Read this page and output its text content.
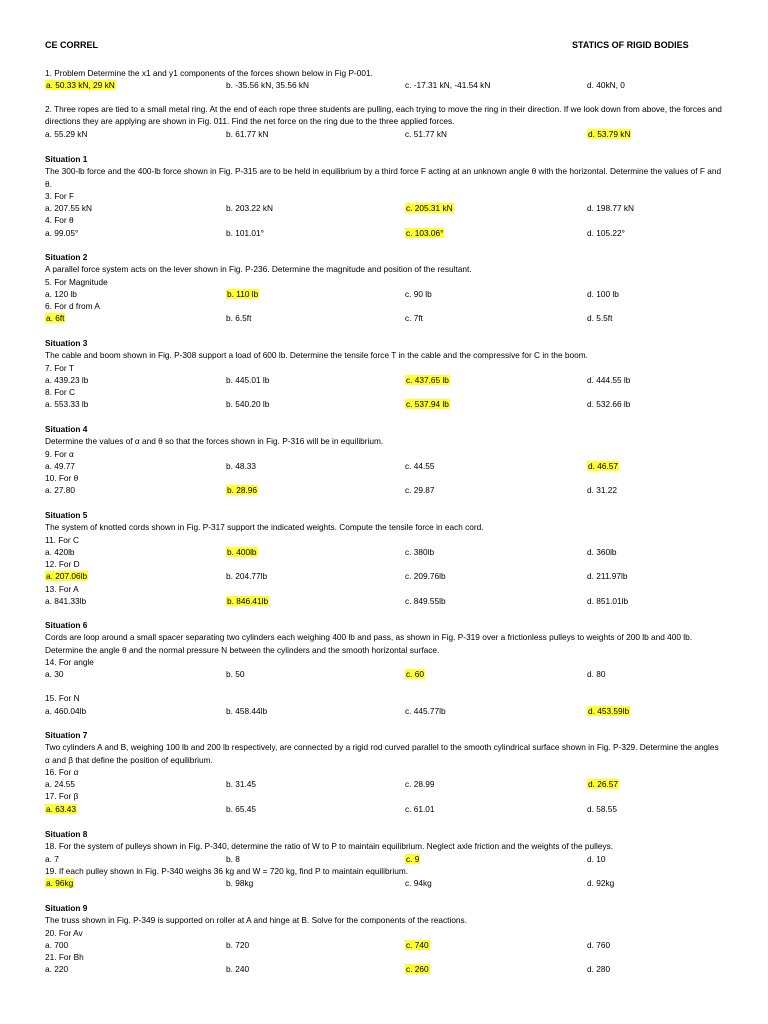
CE CORREL	STATICS OF RIGID BODIES
1. Problem Determine the x1 and y1 components of the forces shown below in Fig P-001.
a. 50.33 kN, 29 kN	b. -35.56 kN, 35.56 kN	c. -17.31 kN, -41.54 kN	d. 40kN, 0
2. Three ropes are tied to a small metal ring. At the end of each rope three students are pulling, each trying to move the ring in their direction. If we look down from above, the forces and directions they are applying are shown in Fig. 011. Find the net force on the ring due to the three applied forces.
a. 55.29 kN	b. 61.77 kN	c. 51.77 kN	d. 53.79 kN
Situation 1
The 300-lb force and the 400-lb force shown in Fig. P-315 are to be held in equilibrium by a third force F acting at an unknown angle θ with the horizontal. Determine the values of F and θ.
3. For F
a. 207.55 kN	b. 203.22 kN	c. 205.31 kN	d. 198.77 kN
4. For θ
a. 99.05°	b. 101.01°	c. 103.06°	d. 105.22°
Situation 2
A parallel force system acts on the lever shown in Fig. P-236. Determine the magnitude and position of the resultant.
5. For Magnitude
a. 120 lb	b. 110 lb	c. 90 lb	d. 100 lb
6. For d from A
a. 6ft	b. 6.5ft	c. 7ft	d. 5.5ft
Situation 3
The cable and boom shown in Fig. P-308 support a load of 600 lb. Determine the tensile force T in the cable and the compressive for C in the boom.
7. For T
a. 439.23 lb	b. 445.01 lb	c. 437.65 lb	d. 444.55 lb
8. For C
a. 553.33 lb	b. 540.20 lb	c. 537.94 lb	d. 532.66 lb
Situation 4
Determine the values of α and θ so that the forces shown in Fig. P-316 will be in equilibrium.
9. For α
a. 49.77	b. 48.33	c. 44.55	d. 46.57
10. For θ
a. 27.80	b. 28.96	c. 29.87	d. 31.22
Situation 5
The system of knotted cords shown in Fig. P-317 support the indicated weights. Compute the tensile force in each cord.
11. For C
a. 420lb	b. 400lb	c. 380lb	d. 360lb
12. For D
a. 207.06lb	b. 204.77lb	c. 209.76lb	d. 211.97lb
13. For A
a. 841.33lb	b. 846.41lb	c. 849.55lb	d. 851.01lb
Situation 6
Cords are loop around a small spacer separating two cylinders each weighing 400 lb and pass, as shown in Fig. P-319 over a frictionless pulleys to weights of 200 lb and 400 lb. Determine the angle θ and the normal pressure N between the cylinders and the smooth horizontal surface.
14. For angle
a. 30	b. 50	c. 60	d. 80
15. For N
a. 460.04lb	b. 458.44lb	c. 445.77lb	d. 453.59lb
Situation 7
Two cylinders A and B, weighing 100 lb and 200 lb respectively, are connected by a rigid rod curved parallel to the smooth cylindrical surface shown in Fig. P-329. Determine the angles α and β that define the position of equilibrium.
16. For α
a. 24.55	b. 31.45	c. 28.99	d. 26.57
17. For β
a. 63.43	b. 65.45	c. 61.01	d. 58.55
Situation 8
18. For the system of pulleys shown in Fig. P-340, determine the ratio of W to P to maintain equilibrium. Neglect axle friction and the weights of the pulleys.
a. 7	b. 8	c. 9	d. 10
19. If each pulley shown in Fig. P-340 weighs 36 kg and W = 720 kg, find P to maintain equilibrium.
a. 96kg	b. 98kg	c. 94kg	d. 92kg
Situation 9
The truss shown in Fig. P-349 is supported on roller at A and hinge at B. Solve for the components of the reactions.
20. For Av
a. 700	b. 720	c. 740	d. 760
21. For Bh
a. 220	b. 240	c. 260	d. 280
